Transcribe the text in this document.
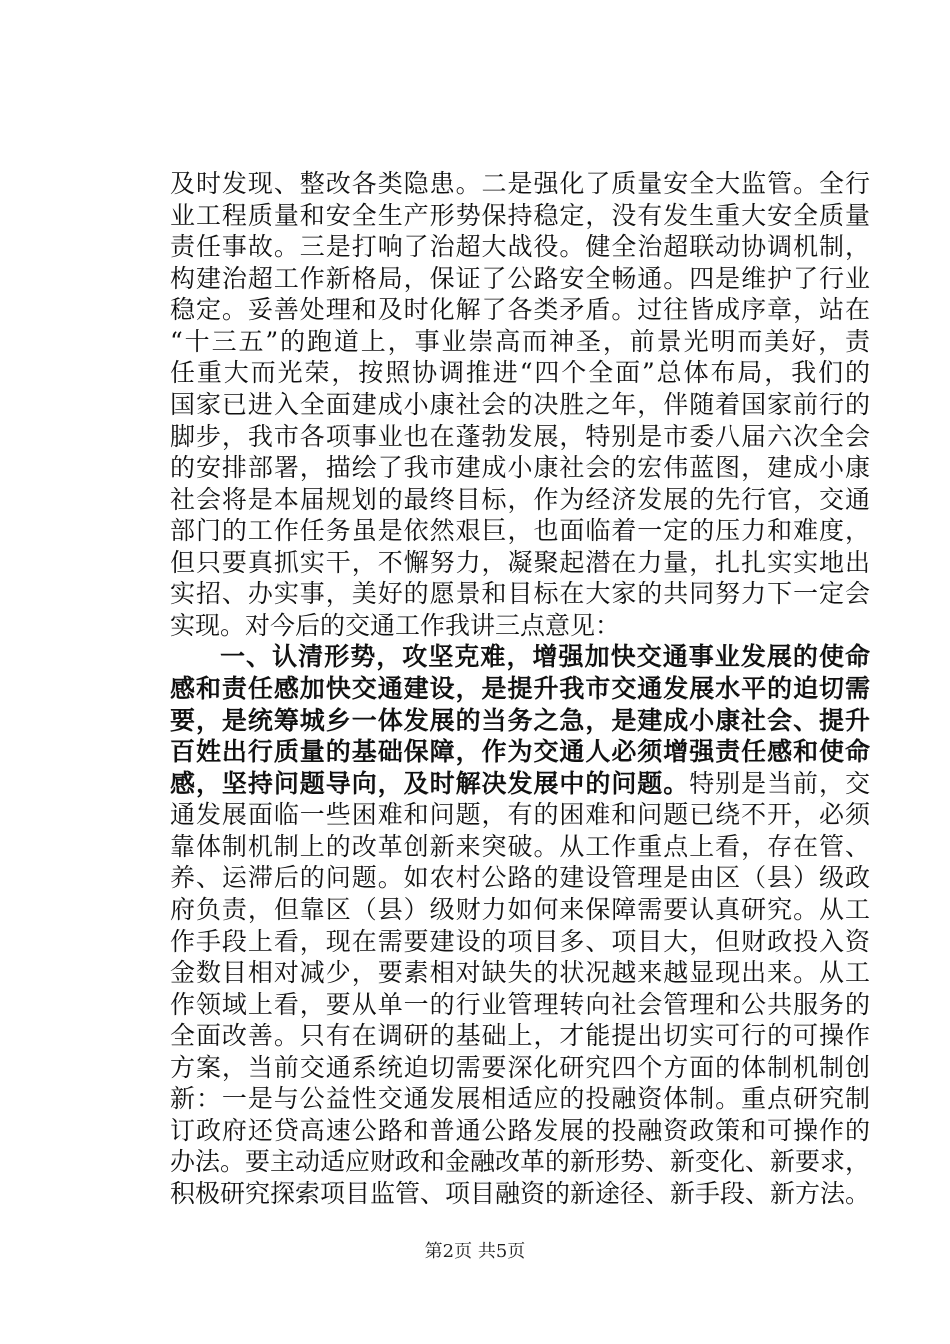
及时发现、整改各类隐患。二是强化了质量安全大监管。全行
业工程质量和安全生产形势保持稳定，没有发生重大安全质量
责任事故。三是打响了治超大战役。健全治超联动协调机制，
构建治超工作新格局，保证了公路安全畅通。四是维护了行业
稳定。妥善处理和及时化解了各类矛盾。过往皆成序章，站在
“十三五”的跑道上，事业崇高而神圣，前景光明而美好，责
任重大而光荣，按照协调推进“四个全面”总体布局，我们的
国家已进入全面建成小康社会的决胜之年，伴随着国家前行的
脚步，我市各项事业也在蓬勃发展，特别是市委八届六次全会
的安排部署，描绘了我市建成小康社会的宏伟蓝图，建成小康
社会将是本届规划的最终目标，作为经济发展的先行官，交通
部门的工作任务虽是依然艰巨，也面临着一定的压力和难度，
但只要真抓实干，不懈努力，凝聚起潜在力量，扎扎实实地出
实招、办实事，美好的愿景和目标在大家的共同努力下一定会
实现。对今后的交通工作我讲三点意见：
一、认清形势，攻坚克难，增强加快交通事业发展的使命
感和责任感加快交通建设，是提升我市交通发展水平的迫切需
要，是统筹城乡一体发展的当务之急，是建成小康社会、提升
百姓出行质量的基础保障，作为交通人必须增强责任感和使命
感，坚持问题导向，及时解决发展中的问题。特别是当前，交
通发展面临一些困难和问题，有的困难和问题已绕不开，必须
靠体制机制上的改革创新来突破。从工作重点上看，存在管、
养、运滞后的问题。如农村公路的建设管理是由区（县）级政
府负责，但靠区（县）级财力如何来保障需要认真研究。从工
作手段上看，现在需要建设的项目多、项目大，但财政投入资
金数目相对减少，要素相对缺失的状况越来越显现出来。从工
作领域上看，要从单一的行业管理转向社会管理和公共服务的
全面改善。只有在调研的基础上，才能提出切实可行的可操作
方案，当前交通系统迫切需要深化研究四个方面的体制机制创
新：一是与公益性交通发展相适应的投融资体制。重点研究制
订政府还贷高速公路和普通公路发展的投融资政策和可操作的
办法。要主动适应财政和金融改革的新形势、新变化、新要求，
积极研究探索项目监管、项目融资的新途径、新手段、新方法。
第2页 共5页
